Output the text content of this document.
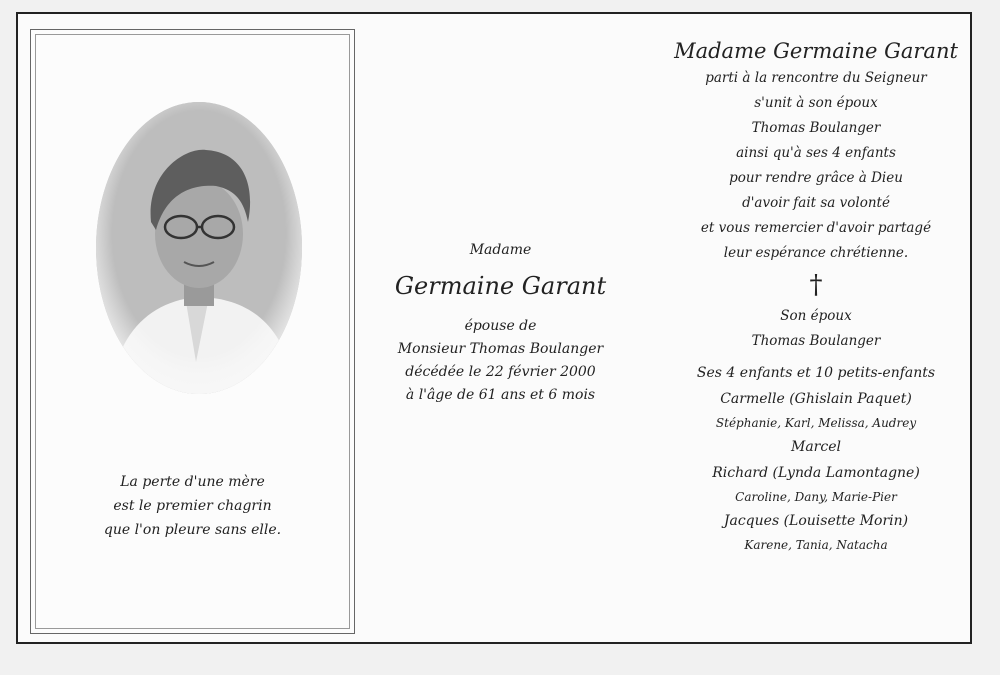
La perte d'une mère
est le premier chagrin
que l'on pleure sans elle.
Madame
Germaine Garant
épouse de
Monsieur Thomas Boulanger
décédée le 22 février 2000
à l'âge de 61 ans et 6 mois
Madame Germaine Garant
parti à la rencontre du Seigneur
s'unit à son époux
Thomas Boulanger
ainsi qu'à ses 4 enfants
pour rendre grâce à Dieu
d'avoir fait sa volonté
et vous remercier d'avoir partagé
leur espérance chrétienne.
†
Son époux
Thomas Boulanger
Ses 4 enfants et 10 petits-enfants
Carmelle (Ghislain Paquet)
Stéphanie, Karl, Melissa, Audrey
Marcel
Richard (Lynda Lamontagne)
Caroline, Dany, Marie-Pier
Jacques (Louisette Morin)
Karene, Tania, Natacha
